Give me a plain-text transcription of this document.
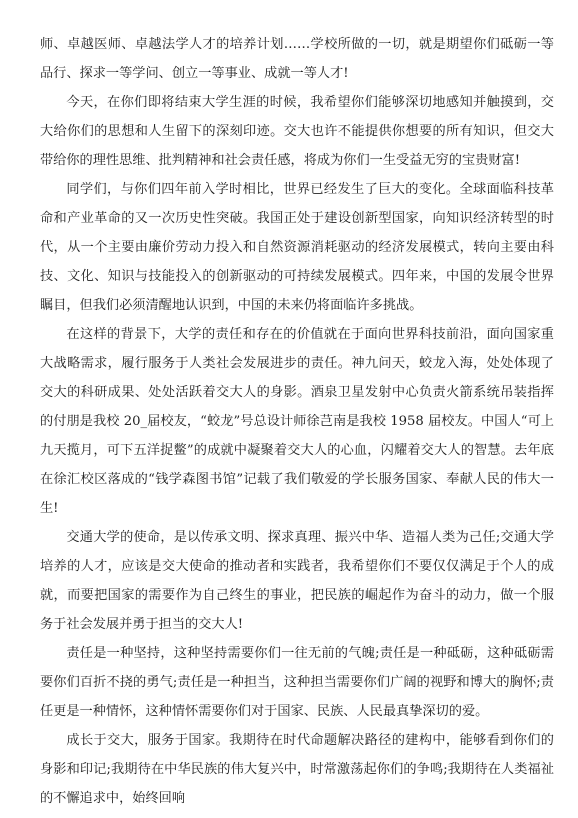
师、卓越医师、卓越法学人才的培养计划……学校所做的一切，就是期望你们砥砺一等品行、探求一等学问、创立一等事业、成就一等人才!

今天，在你们即将结束大学生涯的时候，我希望你们能够深切地感知并触摸到，交大给你们的思想和人生留下的深刻印迹。交大也许不能提供你想要的所有知识，但交大带给你的理性思维、批判精神和社会责任感，将成为你们一生受益无穷的宝贵财富!

同学们，与你们四年前入学时相比，世界已经发生了巨大的变化。全球面临科技革命和产业革命的又一次历史性突破。我国正处于建设创新型国家，向知识经济转型的时代，从一个主要由廉价劳动力投入和自然资源消耗驱动的经济发展模式，转向主要由科技、文化、知识与技能投入的创新驱动的可持续发展模式。四年来，中国的发展令世界瞩目，但我们必须清醒地认识到，中国的未来仍将面临许多挑战。

在这样的背景下，大学的责任和存在的价值就在于面向世界科技前沿，面向国家重大战略需求，履行服务于人类社会发展进步的责任。神九问天，蛟龙入海，处处体现了交大的科研成果、处处活跃着交大人的身影。酒泉卫星发射中心负责火箭系统吊装指挥的付朋是我校 20_届校友，“蛟龙”号总设计师徐芑南是我校 1958 届校友。中国人“可上九天揽月，可下五洋捉鳖”的成就中凝聚着交大人的心血，闪耀着交大人的智慧。去年底在徐汇校区落成的“钱学森图书馆”记载了我们敬爱的学长服务国家、奉献人民的伟大一生!

交通大学的使命，是以传承文明、探求真理、振兴中华、造福人类为己任;交通大学培养的人才，应该是交大使命的推动者和实践者，我希望你们不要仅仅满足于个人的成就，而要把国家的需要作为自己终生的事业，把民族的崛起作为奋斗的动力，做一个服务于社会发展并勇于担当的交大人!

责任是一种坚持，这种坚持需要你们一往无前的气魄;责任是一种砥砺，这种砥砺需要你们百折不挠的勇气;责任是一种担当，这种担当需要你们广阔的视野和博大的胸怀;责任更是一种情怀，这种情怀需要你们对于国家、民族、人民最真挚深切的爱。

成长于交大，服务于国家。我期待在时代命题解决路径的建构中，能够看到你们的身影和印记;我期待在中华民族的伟大复兴中，时常激荡起你们的争鸣;我期待在人类福祉的不懈追求中，始终回响
